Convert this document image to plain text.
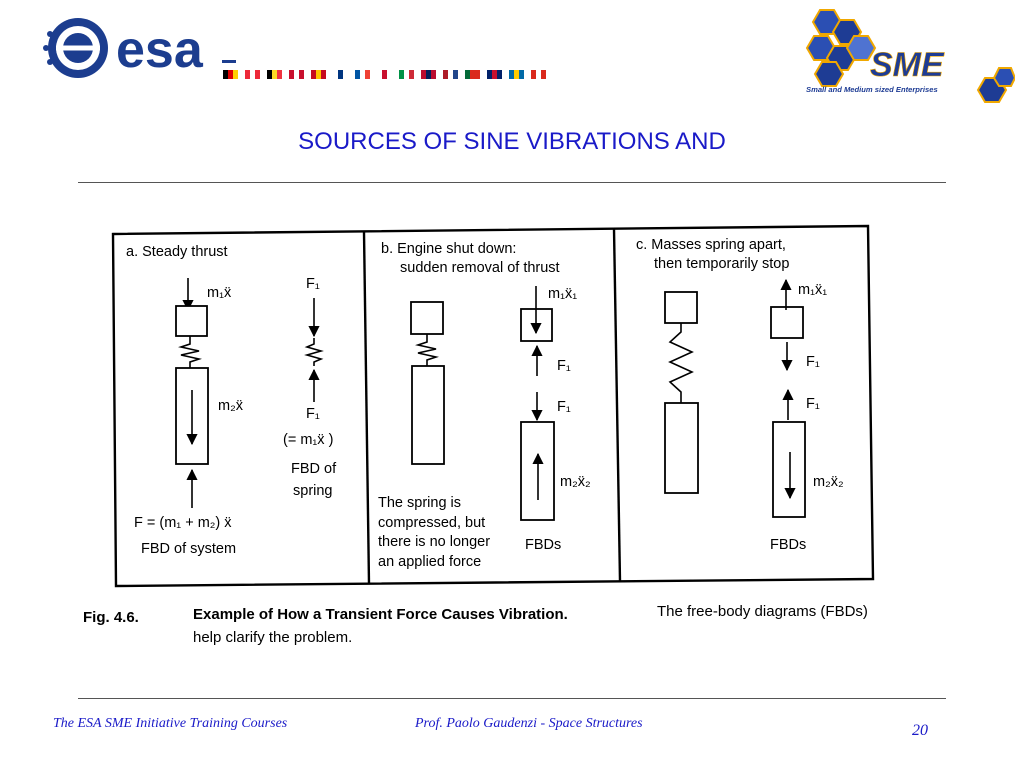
esa	SME
Small and Medium sized Enterprises
SOURCES OF SINE VIBRATIONS AND
a. Steady thrust
m₁ẍ
m₂ẍ
F = (m₁ + m₂) ẍ
FBD of system
F₁
F₁
(= m₁ẍ )
FBD of
spring
b. Engine shut down:
sudden removal of thrust
m₁ẍ₁
F₁
F₁
m₂ẍ₂
The spring is
compressed, but
there is no longer
an applied force
FBDs
c. Masses spring apart,
then temporarily stop
m₁ẍ₁
F₁
F₁
m₂ẍ₂
FBDs
Fig. 4.6.	Example of How a Transient Force Causes Vibration.	The free-body diagrams (FBDs)
help clarify the problem.
The ESA SME Initiative Training Courses	Prof. Paolo Gaudenzi - Space Structures	20
